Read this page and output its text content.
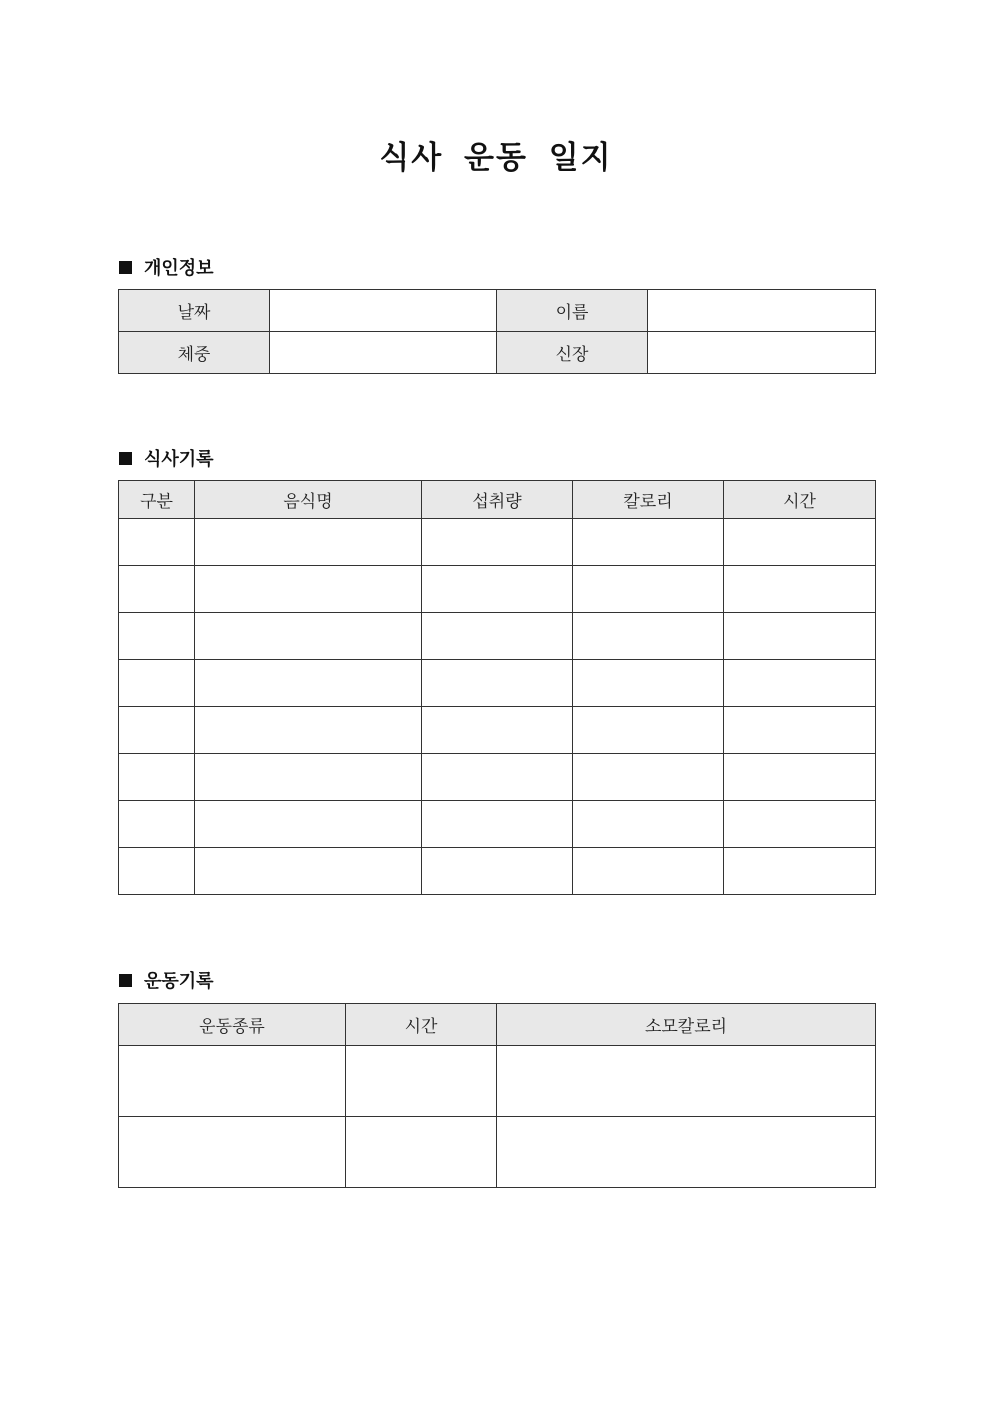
식사 운동 일지
개인정보
날짜		이름	
체중		신장	
식사기록
구분	음식명	섭취량	칼로리	시간

운동기록
운동종류	시간	소모칼로리
